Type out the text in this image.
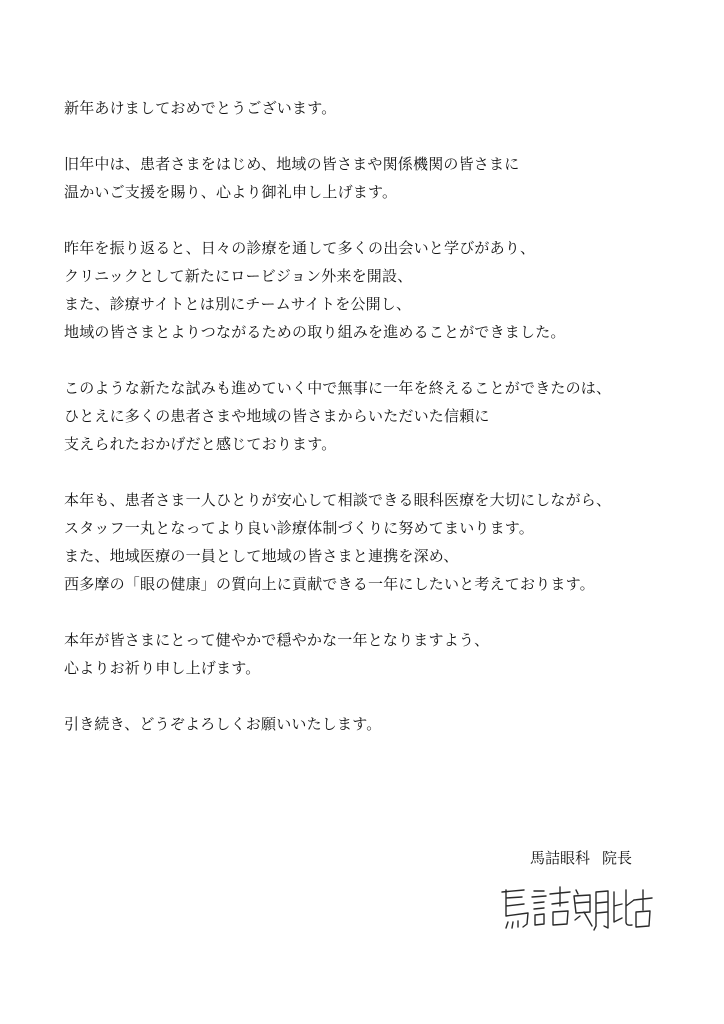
新年あけましておめでとうございます。
旧年中は、患者さまをはじめ、地域の皆さまや関係機関の皆さまに
温かいご支援を賜り、心より御礼申し上げます。
昨年を振り返ると、日々の診療を通して多くの出会いと学びがあり、
クリニックとして新たにロービジョン外来を開設、
また、診療サイトとは別にチームサイトを公開し、
地域の皆さまとよりつながるための取り組みを進めることができました。
このような新たな試みも進めていく中で無事に一年を終えることができたのは、
ひとえに多くの患者さまや地域の皆さまからいただいた信頼に
支えられたおかげだと感じております。
本年も、患者さま一人ひとりが安心して相談できる眼科医療を大切にしながら、
スタッフ一丸となってより良い診療体制づくりに努めてまいります。
また、地域医療の一員として地域の皆さまと連携を深め、
西多摩の「眼の健康」の質向上に貢献できる一年にしたいと考えております。
本年が皆さまにとって健やかで穏やかな一年となりますよう、
心よりお祈り申し上げます。
引き続き、どうぞよろしくお願いいたします。
馬詰眼科 院長
